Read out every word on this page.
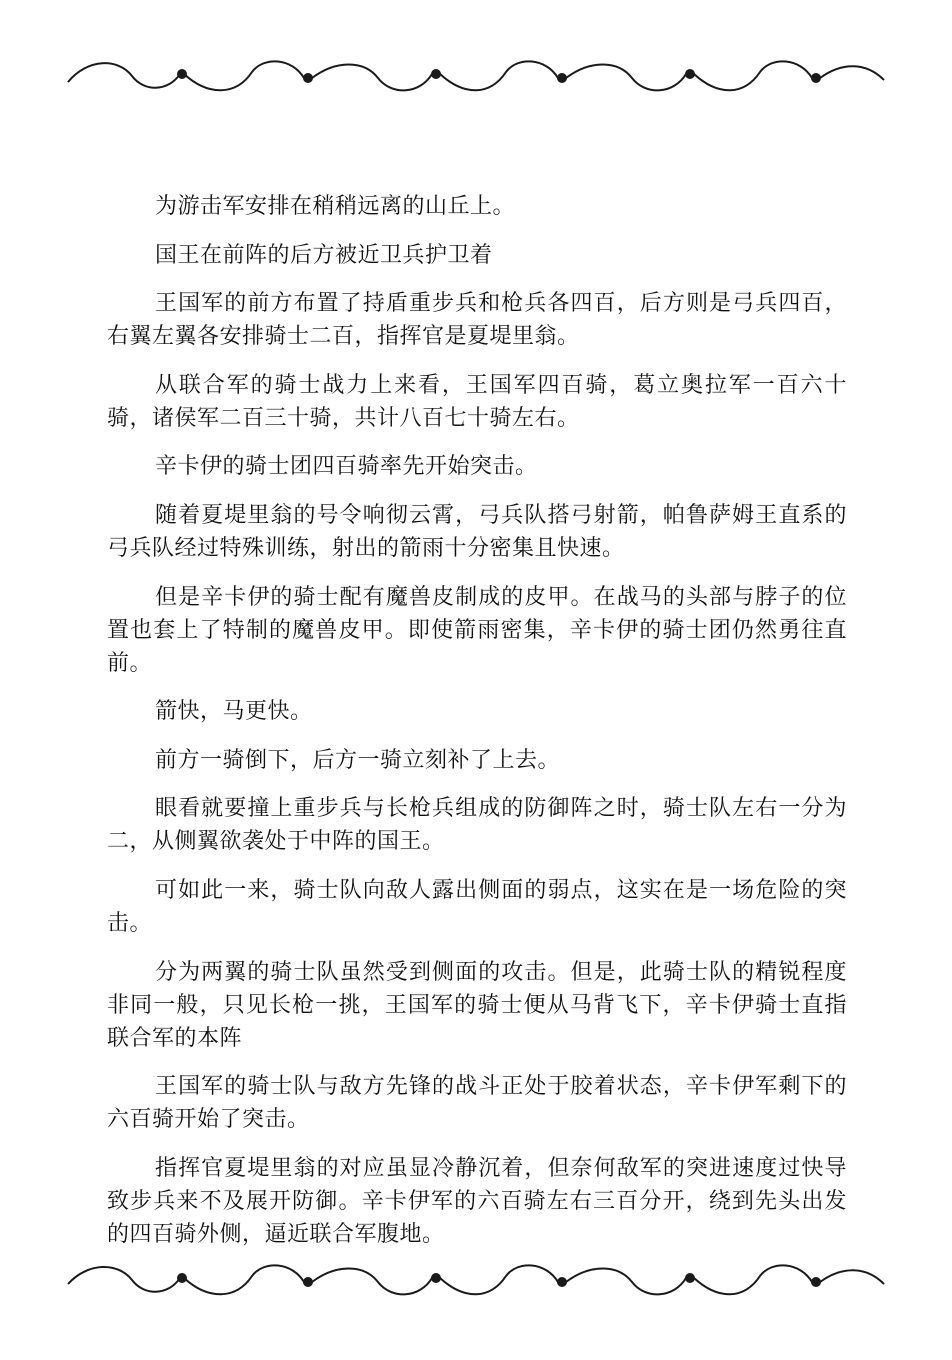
为游击军安排在稍稍远离的山丘上。

国王在前阵的后方被近卫兵护卫着

王国军的前方布置了持盾重步兵和枪兵各四百，后方则是弓兵四百，右翼左翼各安排骑士二百，指挥官是夏堤里翁。

从联合军的骑士战力上来看，王国军四百骑，葛立奥拉军一百六十骑，诸侯军二百三十骑，共计八百七十骑左右。

辛卡伊的骑士团四百骑率先开始突击。

随着夏堤里翁的号令响彻云霄，弓兵队搭弓射箭，帕鲁萨姆王直系的弓兵队经过特殊训练，射出的箭雨十分密集且快速。

但是辛卡伊的骑士配有魔兽皮制成的皮甲。在战马的头部与脖子的位置也套上了特制的魔兽皮甲。即使箭雨密集，辛卡伊的骑士团仍然勇往直前。

箭快，马更快。

前方一骑倒下，后方一骑立刻补了上去。

眼看就要撞上重步兵与长枪兵组成的防御阵之时，骑士队左右一分为二，从侧翼欲袭处于中阵的国王。

可如此一来，骑士队向敌人露出侧面的弱点，这实在是一场危险的突击。

分为两翼的骑士队虽然受到侧面的攻击。但是，此骑士队的精锐程度非同一般，只见长枪一挑，王国军的骑士便从马背飞下，辛卡伊骑士直指联合军的本阵

王国军的骑士队与敌方先锋的战斗正处于胶着状态，辛卡伊军剩下的六百骑开始了突击。

指挥官夏堤里翁的对应虽显冷静沉着，但奈何敌军的突进速度过快导致步兵来不及展开防御。辛卡伊军的六百骑左右三百分开，绕到先头出发的四百骑外侧，逼近联合军腹地。
